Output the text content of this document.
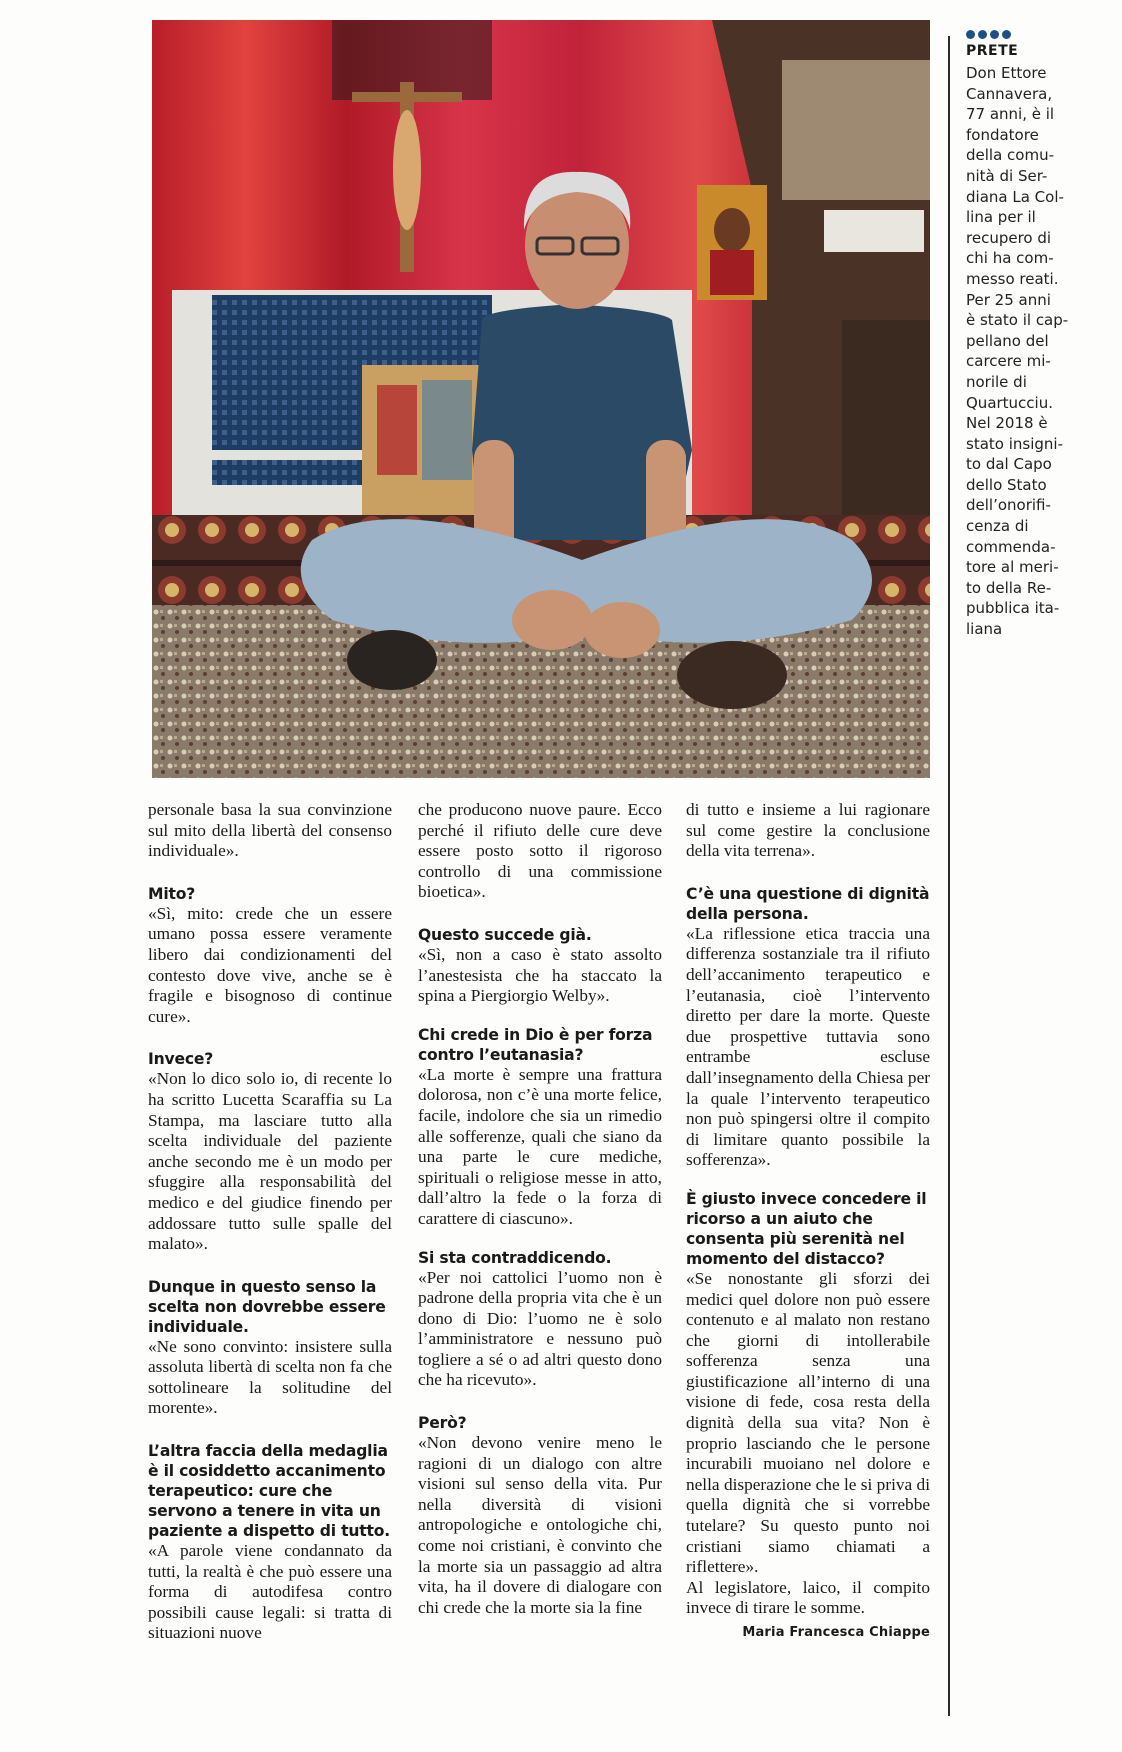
PRETE
Don Ettore
Cannavera,
77 anni, è il
fondatore
della comu-
nità di Ser-
diana La Col-
lina per il
recupero di
chi ha com-
messo reati.
Per 25 anni
è stato il cap-
pellano del
carcere mi-
norile di
Quartucciu.
Nel 2018 è
stato insigni-
to dal Capo
dello Stato
dell’onorifi-
cenza di
commenda-
tore al meri-
to della Re-
pubblica ita-
liana

personale basa la sua convinzione sul mito della libertà del consenso individuale».

Mito?

«Sì, mito: crede che un essere umano possa essere veramente libero dai condizionamenti del contesto dove vive, anche se è fragile e bisognoso di continue cure».

Invece?

«Non lo dico solo io, di recente lo ha scritto Lucetta Scaraffia su La Stampa, ma lasciare tutto alla scelta individuale del paziente anche secondo me è un modo per sfuggire alla responsabilità del medico e del giudice finendo per addossare tutto sulle spalle del malato».

Dunque in questo senso la scelta non dovrebbe essere individuale.

«Ne sono convinto: insistere sulla assoluta libertà di scelta non fa che sottolineare la solitudine del morente».

L’altra faccia della medaglia è il cosiddetto accanimento terapeutico: cure che servono a tenere in vita un paziente a dispetto di tutto.

«A parole viene condannato da tutti, la realtà è che può essere una forma di autodifesa contro possibili cause legali: si tratta di situazioni nuove

che producono nuove paure. Ecco perché il rifiuto delle cure deve essere posto sotto il rigoroso controllo di una commissione bioetica».

Questo succede già.

«Sì, non a caso è stato assolto l’anestesista che ha staccato la spina a Piergiorgio Welby».

Chi crede in Dio è per forza contro l’eutanasia?

«La morte è sempre una frattura dolorosa, non c’è una morte felice, facile, indolore che sia un rimedio alle sofferenze, quali che siano da una parte le cure mediche, spirituali o religiose messe in atto, dall’altro la fede o la forza di carattere di ciascuno».

Si sta contraddicendo.

«Per noi cattolici l’uomo non è padrone della propria vita che è un dono di Dio: l’uomo ne è solo l’amministratore e nessuno può togliere a sé o ad altri questo dono che ha ricevuto».

Però?

«Non devono venire meno le ragioni di un dialogo con altre visioni sul senso della vita. Pur nella diversità di visioni antropologiche e ontologiche chi, come noi cristiani, è convinto che la morte sia un passaggio ad altra vita, ha il dovere di dialogare con chi crede che la morte sia la fine

di tutto e insieme a lui ragionare sul come gestire la conclusione della vita terrena».

C’è una questione di dignità della persona.

«La riflessione etica traccia una differenza sostanziale tra il rifiuto dell’accanimento terapeutico e l’eutanasia, cioè l’intervento diretto per dare la morte. Queste due prospettive tuttavia sono entrambe escluse dall’insegnamento della Chiesa per la quale l’intervento terapeutico non può spingersi oltre il compito di limitare quanto possibile la sofferenza».

È giusto invece concedere il ricorso a un aiuto che consenta più serenità nel momento del distacco?

«Se nonostante gli sforzi dei medici quel dolore non può essere contenuto e al malato non restano che giorni di intollerabile sofferenza senza una giustificazione all’interno di una visione di fede, cosa resta della dignità della sua vita? Non è proprio lasciando che le persone incurabili muoiano nel dolore e nella disperazione che le si priva di quella dignità che si vorrebbe tutelare? Su questo punto noi cristiani siamo chiamati a riflettere».

Al legislatore, laico, il compito invece di tirare le somme.

Maria Francesca Chiappe
